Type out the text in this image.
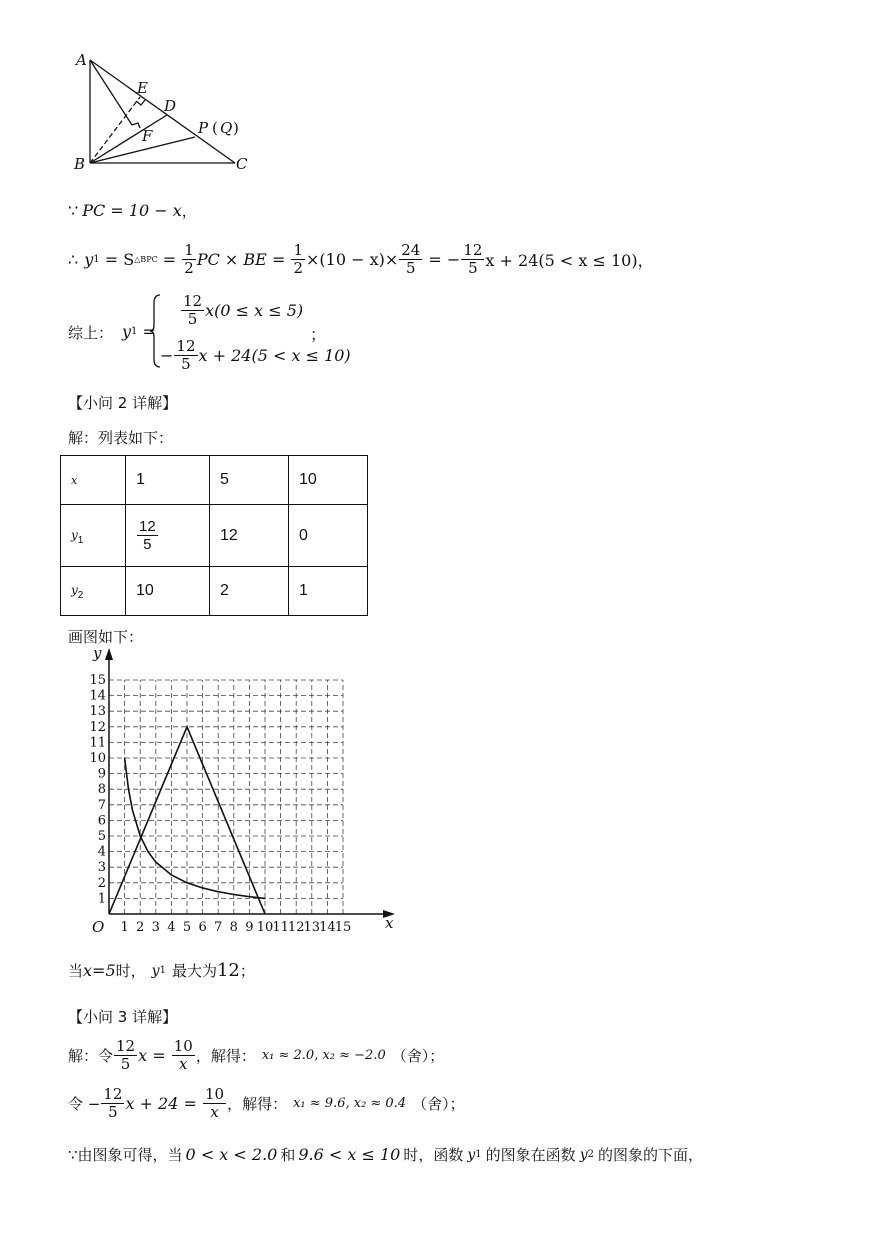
A
B	C
D
E
F	P ( Q )
∵ PC = 10 − x ，
∴ y 1 = S △BPC = $\frac{1}{2}$ PC × BE = $\frac{1}{2} \times(10 - x)\times \frac{24}{5}$ = − $\frac{12}{5}$ x + 24(5 < x ≤ 10)，
综上： y 1 =
$\frac{12}{5} x(0 \le x \le 5)$
− $\frac{12}{5}$ x + 24(5 < x ≤ 10)
；
【小问 2 详解】
解：列表如下：
x	1	5	10
$y_1$	$\frac{12}{5}$	12	0
$y_2$	10	2	1
画图如下：
1 2 3 4 5 6 7 8 9 10 11 12 13 14 15
1
2
3
4
5
6
7
8
9
10
11
12
13
14
15
O	x
y
当 x=5 时， y 1 最大为 12 ；
【小问 3 详解】
解：令 $\frac{12}{5}$ $x = \frac{10}{x}$ ，解得： x₁ ≈ 2.0, x₂ ≈ −2.0 （舍）；
令 − $\frac{12}{5}$ $x + 24 = \frac{10}{x}$ ，解得： x₁ ≈ 9.6, x₂ ≈ 0.4 （舍）；
∵由图象可得，当 0 < x < 2.0 和 9.6 < x ≤ 10 时，函数 y 1 的图象在函数 y 2 的图象的下面，
